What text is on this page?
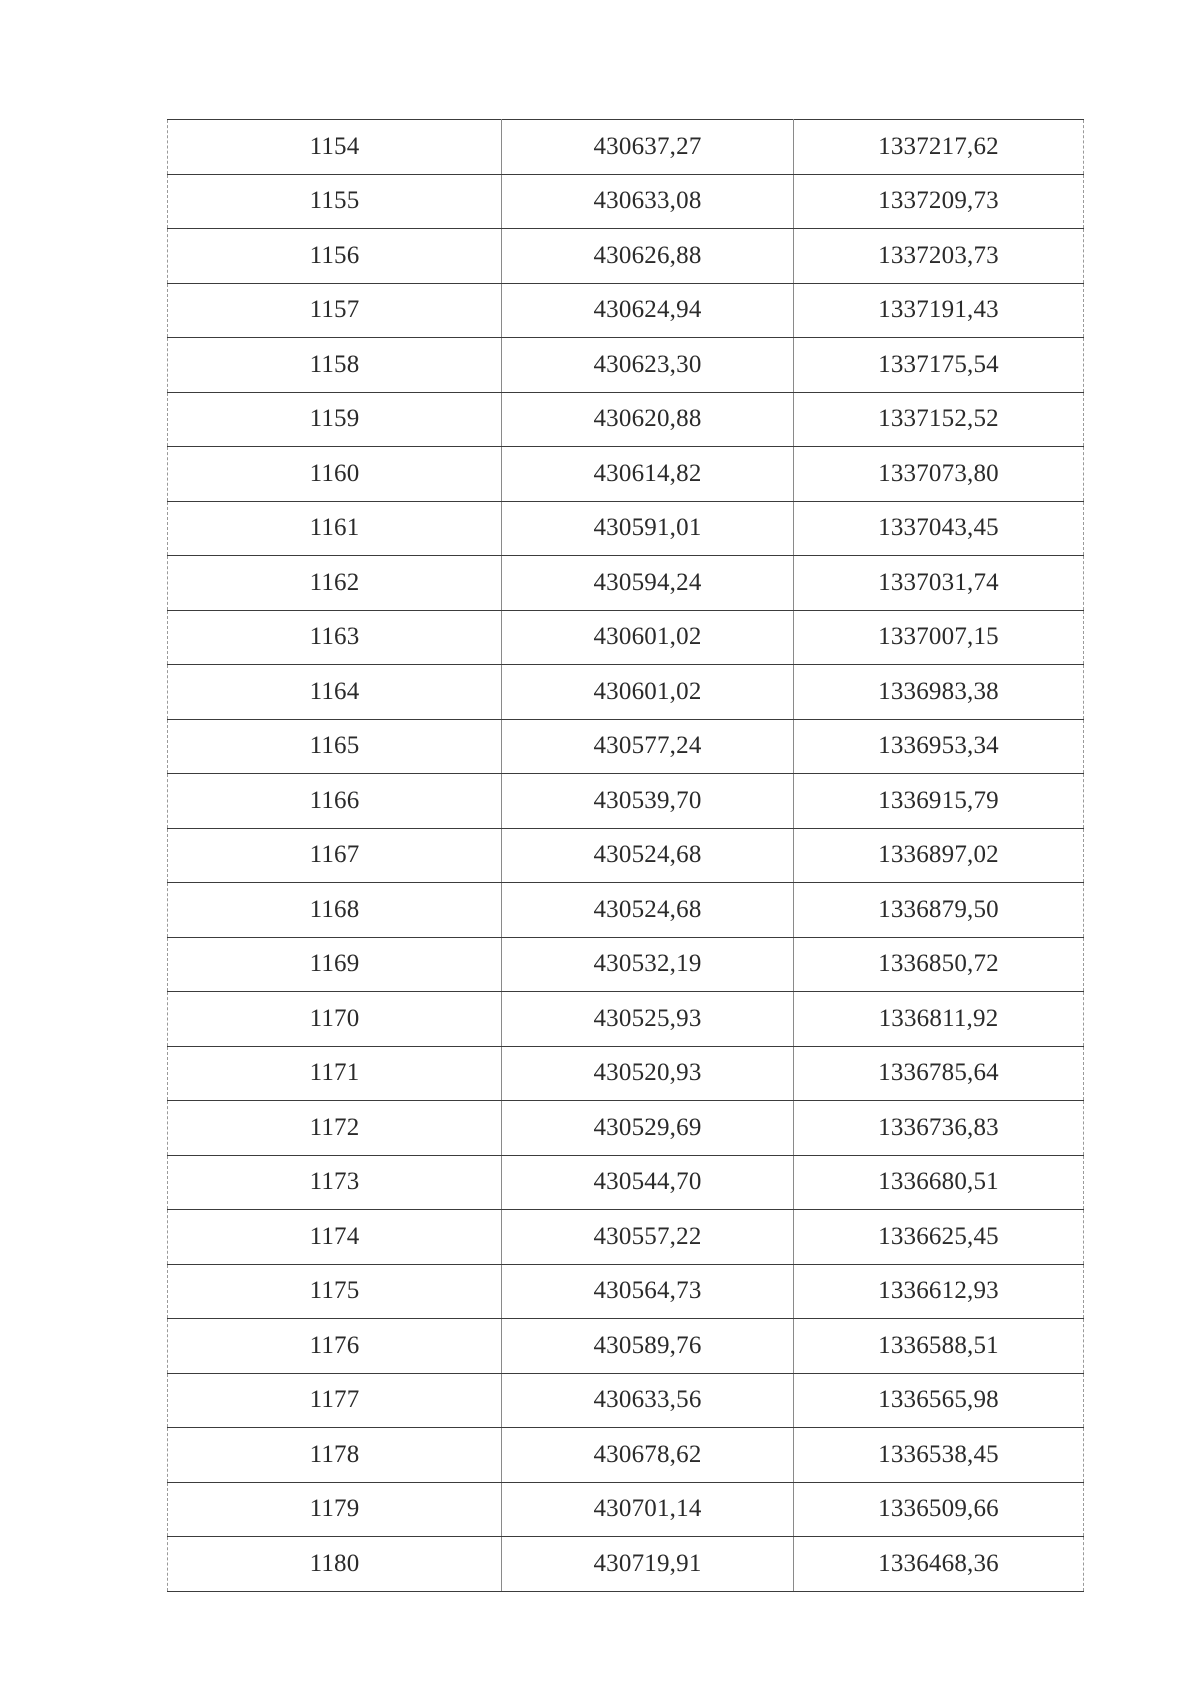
1154	430637,27	1337217,62
1155	430633,08	1337209,73
1156	430626,88	1337203,73
1157	430624,94	1337191,43
1158	430623,30	1337175,54
1159	430620,88	1337152,52
1160	430614,82	1337073,80
1161	430591,01	1337043,45
1162	430594,24	1337031,74
1163	430601,02	1337007,15
1164	430601,02	1336983,38
1165	430577,24	1336953,34
1166	430539,70	1336915,79
1167	430524,68	1336897,02
1168	430524,68	1336879,50
1169	430532,19	1336850,72
1170	430525,93	1336811,92
1171	430520,93	1336785,64
1172	430529,69	1336736,83
1173	430544,70	1336680,51
1174	430557,22	1336625,45
1175	430564,73	1336612,93
1176	430589,76	1336588,51
1177	430633,56	1336565,98
1178	430678,62	1336538,45
1179	430701,14	1336509,66
1180	430719,91	1336468,36
